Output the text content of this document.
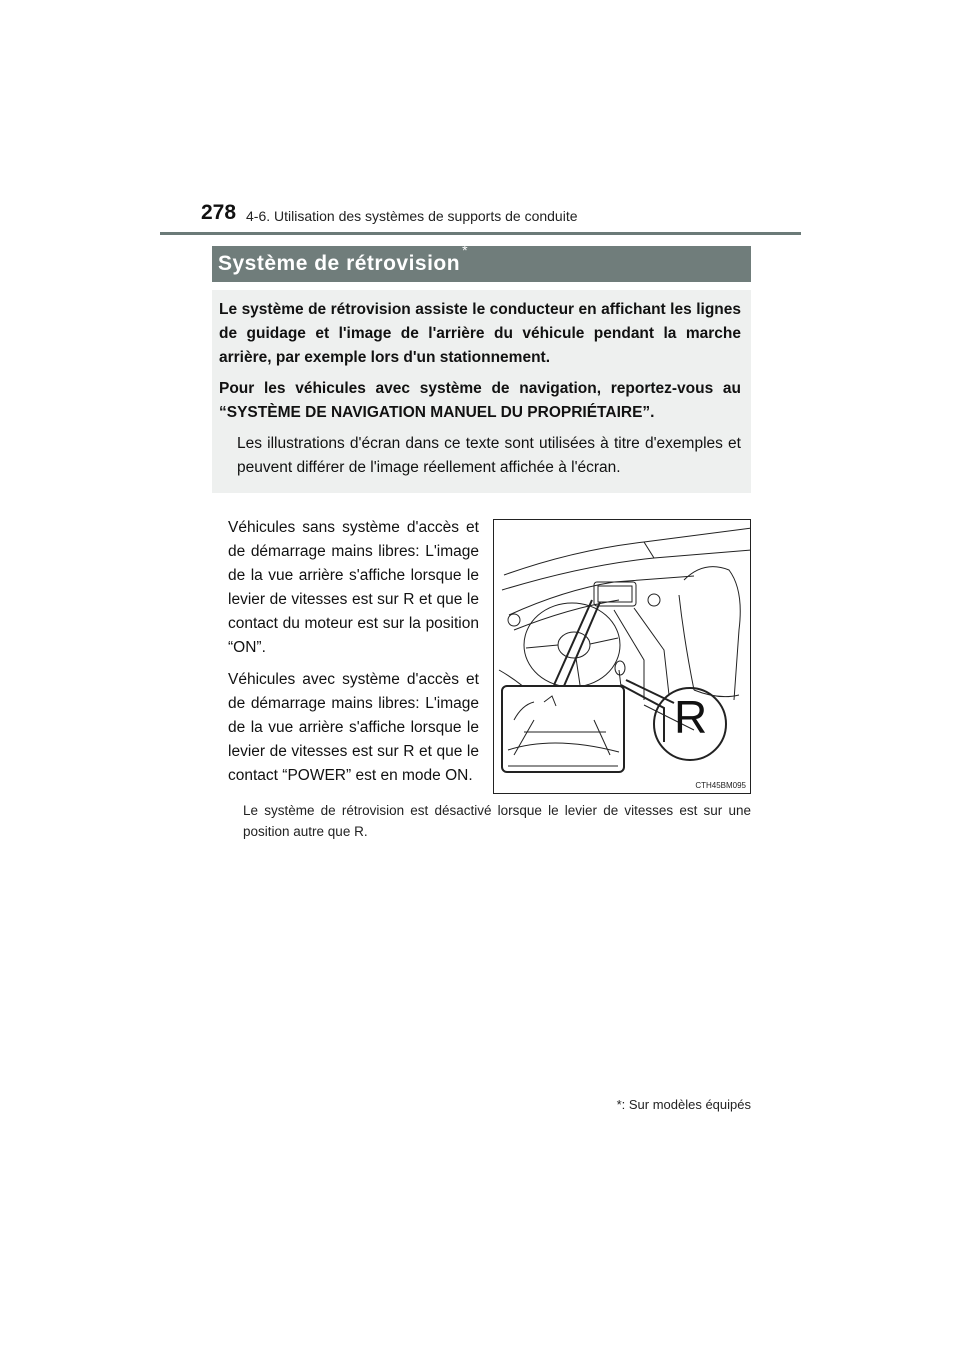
278 4-6. Utilisation des systèmes de supports de conduite
Système de rétrovision*

Le système de rétrovision assiste le conducteur en affichant les lignes de guidage et l'image de l'arrière du véhicule pendant la marche arrière, par exemple lors d'un stationnement.

Pour les véhicules avec système de navigation, reportez-vous au “SYSTÈME DE NAVIGATION MANUEL DU PROPRIÉTAIRE”.

Les illustrations d'écran dans ce texte sont utilisées à titre d'exemples et peuvent différer de l'image réellement affichée à l'écran.

Véhicules sans système d'accès et de démarrage mains libres: L'image de la vue arrière s'affiche lorsque le levier de vitesses est sur R et que le contact du moteur est sur la position “ON”.

Véhicules avec système d'accès et de démarrage mains libres: L'image de la vue arrière s'affiche lorsque le levier de vitesses est sur R et que le contact “POWER” est en mode ON.

CTH45BM095
R
Le système de rétrovision est désactivé lorsque le levier de vitesses est sur une position autre que R.
*: Sur modèles équipés
